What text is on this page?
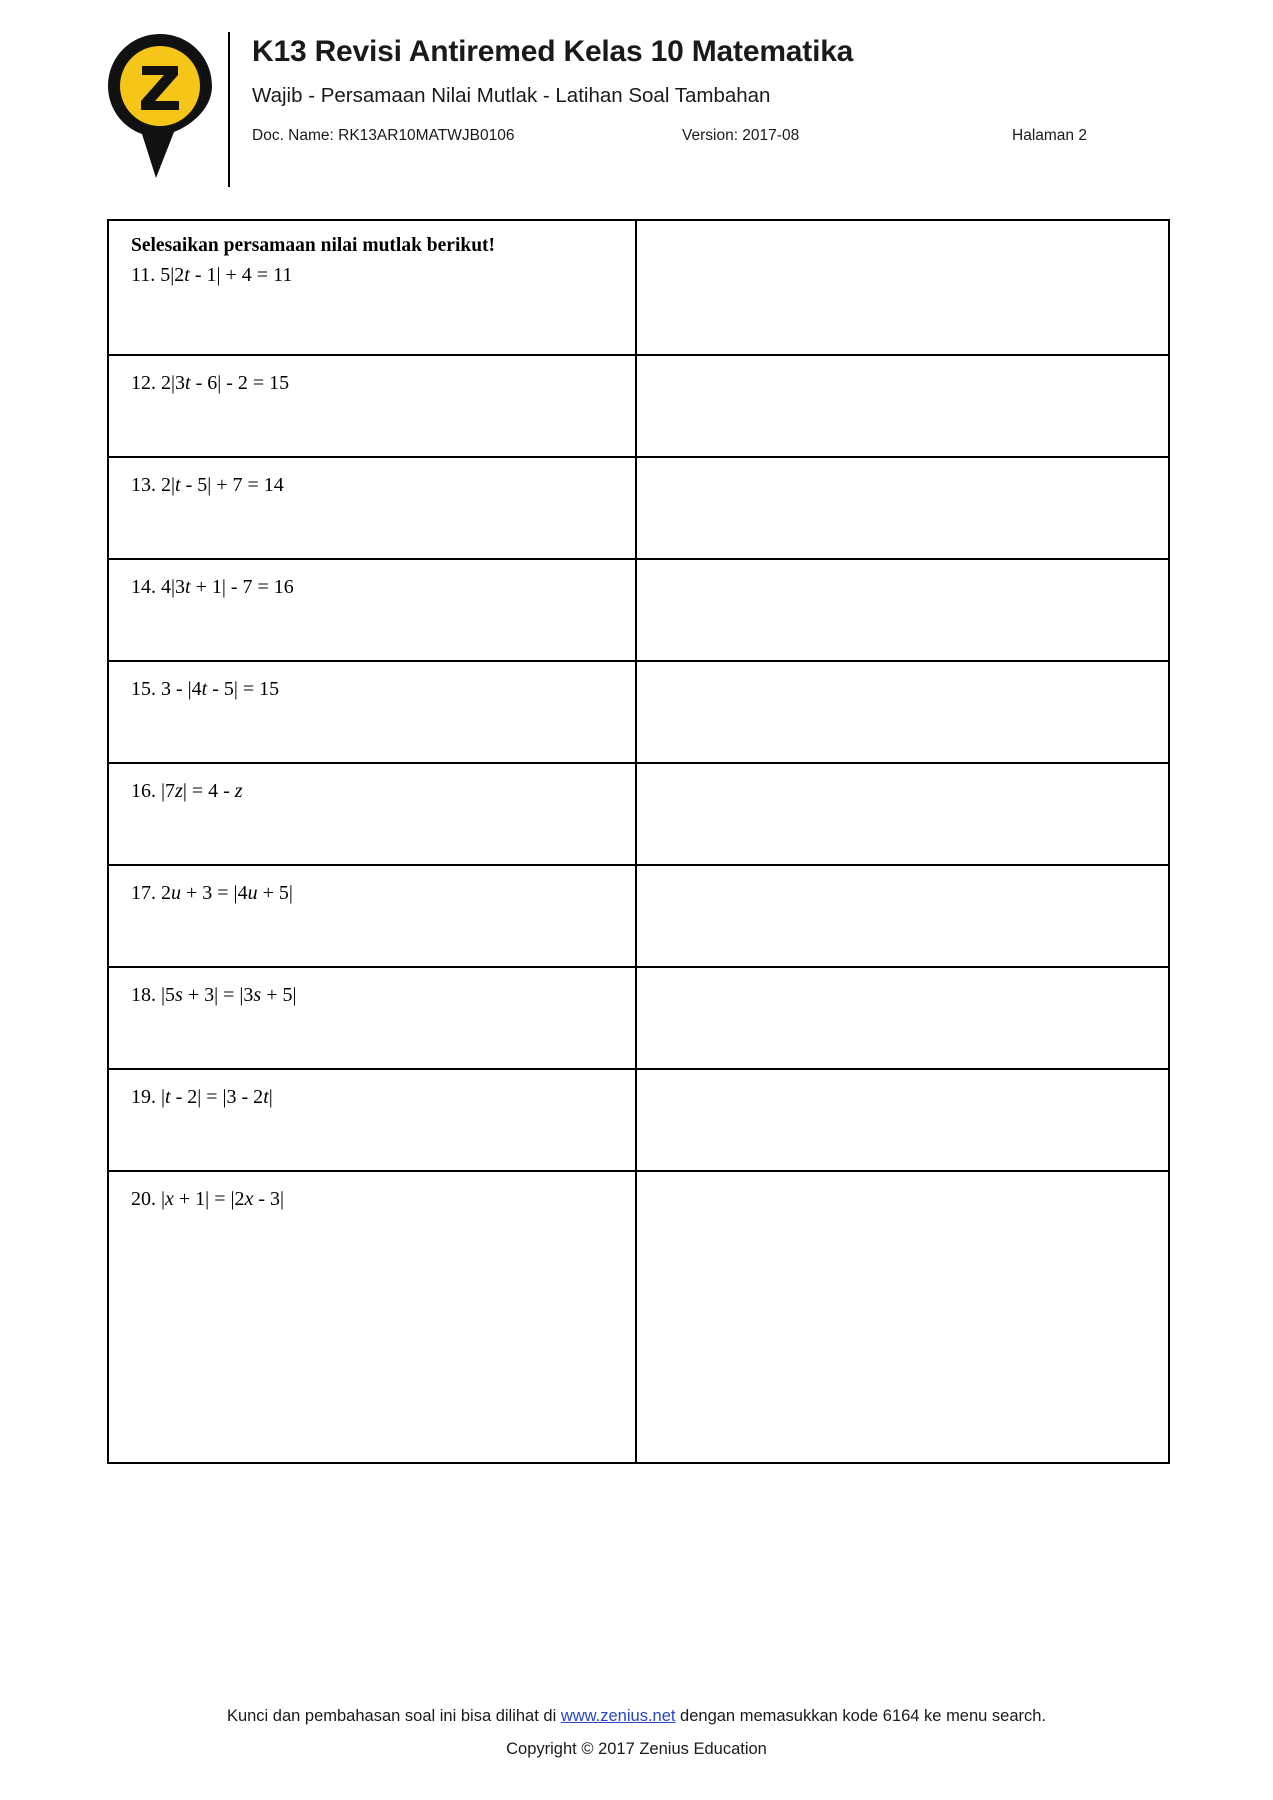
K13 Revisi Antiremed Kelas 10 Matematika
Wajib - Persamaan Nilai Mutlak - Latihan Soal Tambahan
Doc. Name: RK13AR10MATWJB0106	Version: 2017-08	Halaman 2
Selesaikan persamaan nilai mutlak berikut!
11. 5|2t - 1| + 4 = 11
12. 2|3t - 6| - 2 = 15
13. 2|t - 5| + 7 = 14
14. 4|3t + 1| - 7 = 16
15. 3 - |4t - 5| = 15
16. |7z| = 4 - z
17. 2u + 3 = |4u + 5|
18. |5s + 3| = |3s + 5|
19. |t - 2| = |3 - 2t|
20. |x + 1| = |2x - 3|
Kunci dan pembahasan soal ini bisa dilihat di www.zenius.net dengan memasukkan kode 6164 ke menu search.
Copyright © 2017 Zenius Education
